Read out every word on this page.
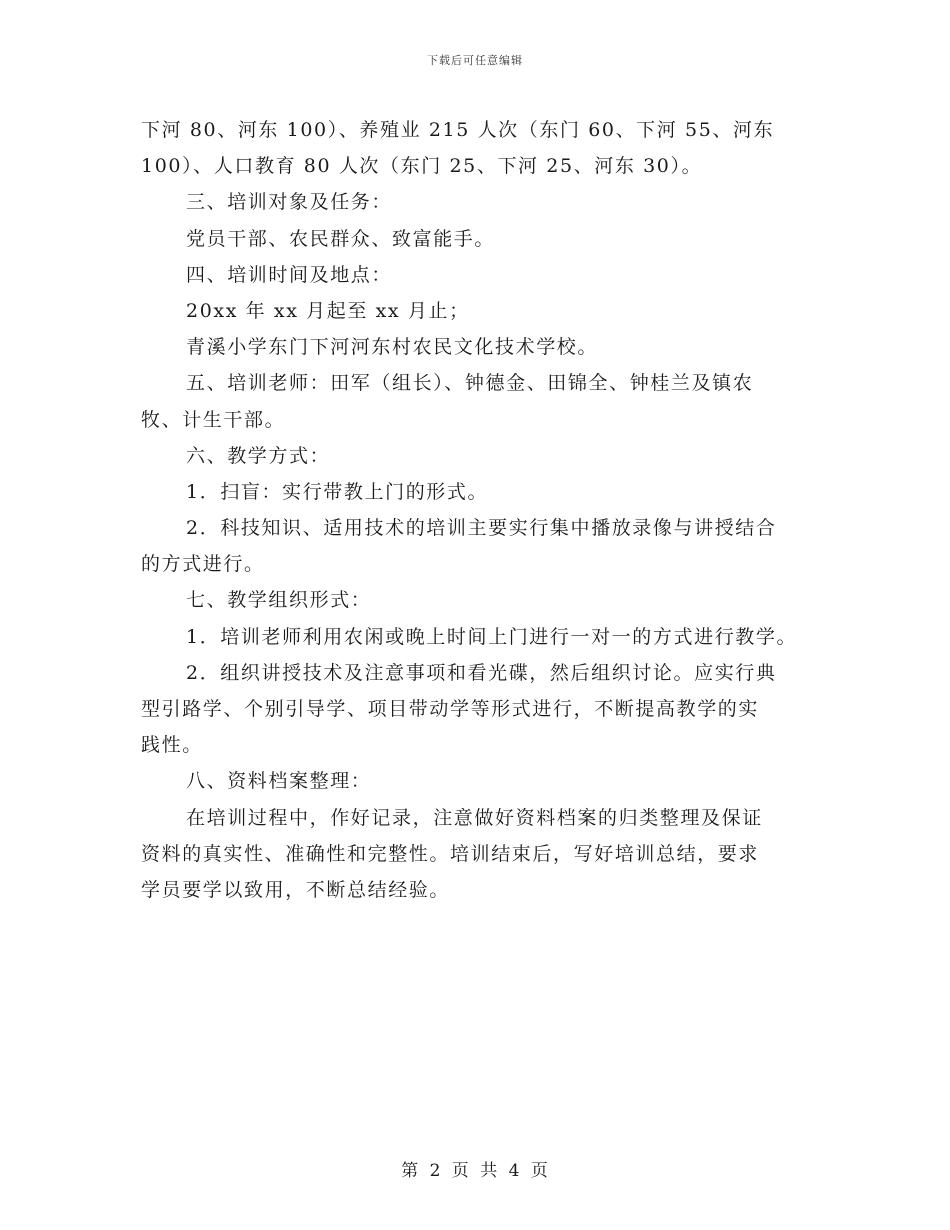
下载后可任意编辑
下河 80、河东 100）、养殖业 215 人次（东门 60、下河 55、河东
100）、人口教育 80 人次（东门 25、下河 25、河东 30）。
三、培训对象及任务：
党员干部、农民群众、致富能手。
四、培训时间及地点：
20xx 年 xx 月起至 xx 月止；
青溪小学东门下河河东村农民文化技术学校。
五、培训老师：田军（组长）、钟德金、田锦全、钟桂兰及镇农
牧、计生干部。
六、教学方式：
1．扫盲：实行带教上门的形式。
2．科技知识、适用技术的培训主要实行集中播放录像与讲授结合
的方式进行。
七、教学组织形式：
1．培训老师利用农闲或晚上时间上门进行一对一的方式进行教学。
2．组织讲授技术及注意事项和看光碟，然后组织讨论。应实行典
型引路学、个别引导学、项目带动学等形式进行，不断提高教学的实
践性。
八、资料档案整理：
在培训过程中，作好记录，注意做好资料档案的归类整理及保证
资料的真实性、准确性和完整性。培训结束后，写好培训总结，要求
学员要学以致用，不断总结经验。
第 2 页 共 4 页
